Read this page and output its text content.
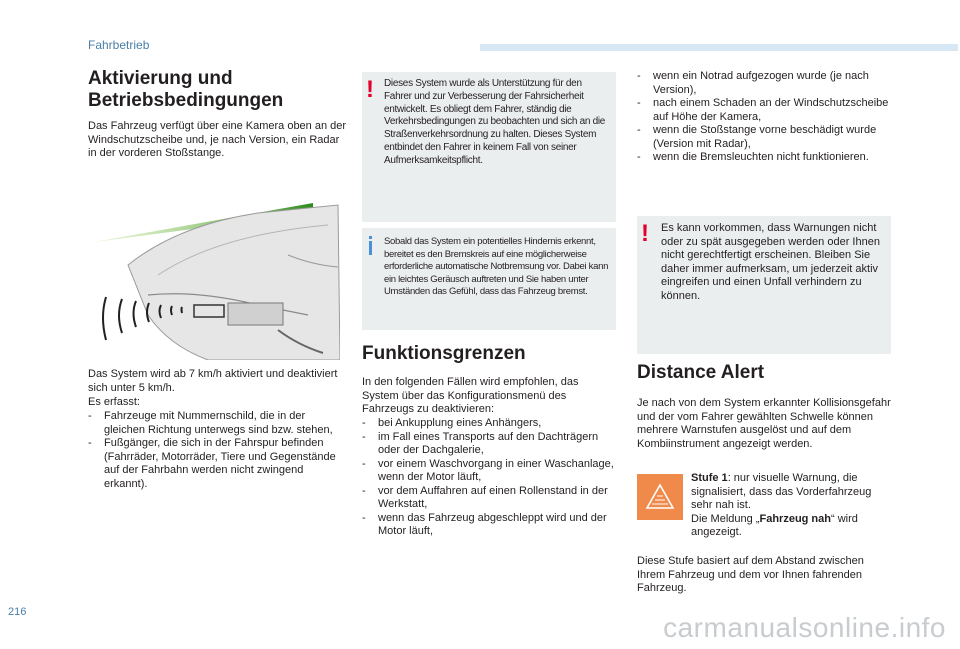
Fahrbetrieb
Aktivierung und Betriebsbedingungen

Das Fahrzeug verfügt über eine Kamera oben an der Windschutzscheibe und, je nach Version, ein Radar in der vorderen Stoßstange.

Das System wird ab 7 km/h aktiviert und deaktiviert sich unter 5 km/h.

Es erfasst:

- Fahrzeuge mit Nummernschild, die in der gleichen Richtung unterwegs sind bzw. stehen,
- Fußgänger, die sich in der Fahrspur befinden (Fahrräder, Motorräder, Tiere und Gegenstände auf der Fahrbahn werden nicht zwingend erkannt).
! Dieses System wurde als Unterstützung für den Fahrer und zur Verbesserung der Fahrsicherheit entwickelt. Es obliegt dem Fahrer, ständig die Verkehrsbedingungen zu beobachten und sich an die Straßenverkehrsordnung zu halten. Dieses System entbindet den Fahrer in keinem Fall von seiner Aufmerksamkeitspflicht.

Sobald das System ein potentielles Hindernis erkennt, bereitet es den Bremskreis auf eine möglicherweise erforderliche automatische Notbremsung vor. Dabei kann ein leichtes Geräusch auftreten und Sie haben unter Umständen das Gefühl, dass das Fahrzeug bremst.

Funktionsgrenzen

In den folgenden Fällen wird empfohlen, das System über das Konfigurationsmenü des Fahrzeugs zu deaktivieren:

- bei Ankupplung eines Anhängers,
- im Fall eines Transports auf den Dachträgern oder der Dachgalerie,
- vor einem Waschvorgang in einer Waschanlage, wenn der Motor läuft,
- vor dem Auffahren auf einen Rollenstand in der Werkstatt,
- wenn das Fahrzeug abgeschleppt wird und der Motor läuft,
- wenn ein Notrad aufgezogen wurde (je nach Version),
- nach einem Schaden an der Windschutzscheibe auf Höhe der Kamera,
- wenn die Stoßstange vorne beschädigt wurde (Version mit Radar),
- wenn die Bremsleuchten nicht funktionieren.
! Es kann vorkommen, dass Warnungen nicht oder zu spät ausgegeben werden oder Ihnen nicht gerechtfertigt erscheinen. Bleiben Sie daher immer aufmerksam, um jederzeit aktiv eingreifen und einen Unfall verhindern zu können.

Distance Alert

Je nach von dem System erkannter Kollisionsgefahr und der vom Fahrer gewählten Schwelle können mehrere Warnstufen ausgelöst und auf dem Kombiinstrument angezeigt werden.

Stufe 1: nur visuelle Warnung, die signalisiert, dass das Vorderfahrzeug sehr nah ist.
Die Meldung „Fahrzeug nah“ wird angezeigt.

Diese Stufe basiert auf dem Abstand zwischen Ihrem Fahrzeug und dem vor Ihnen fahrenden Fahrzeug.

216	carmanualsonline.info
